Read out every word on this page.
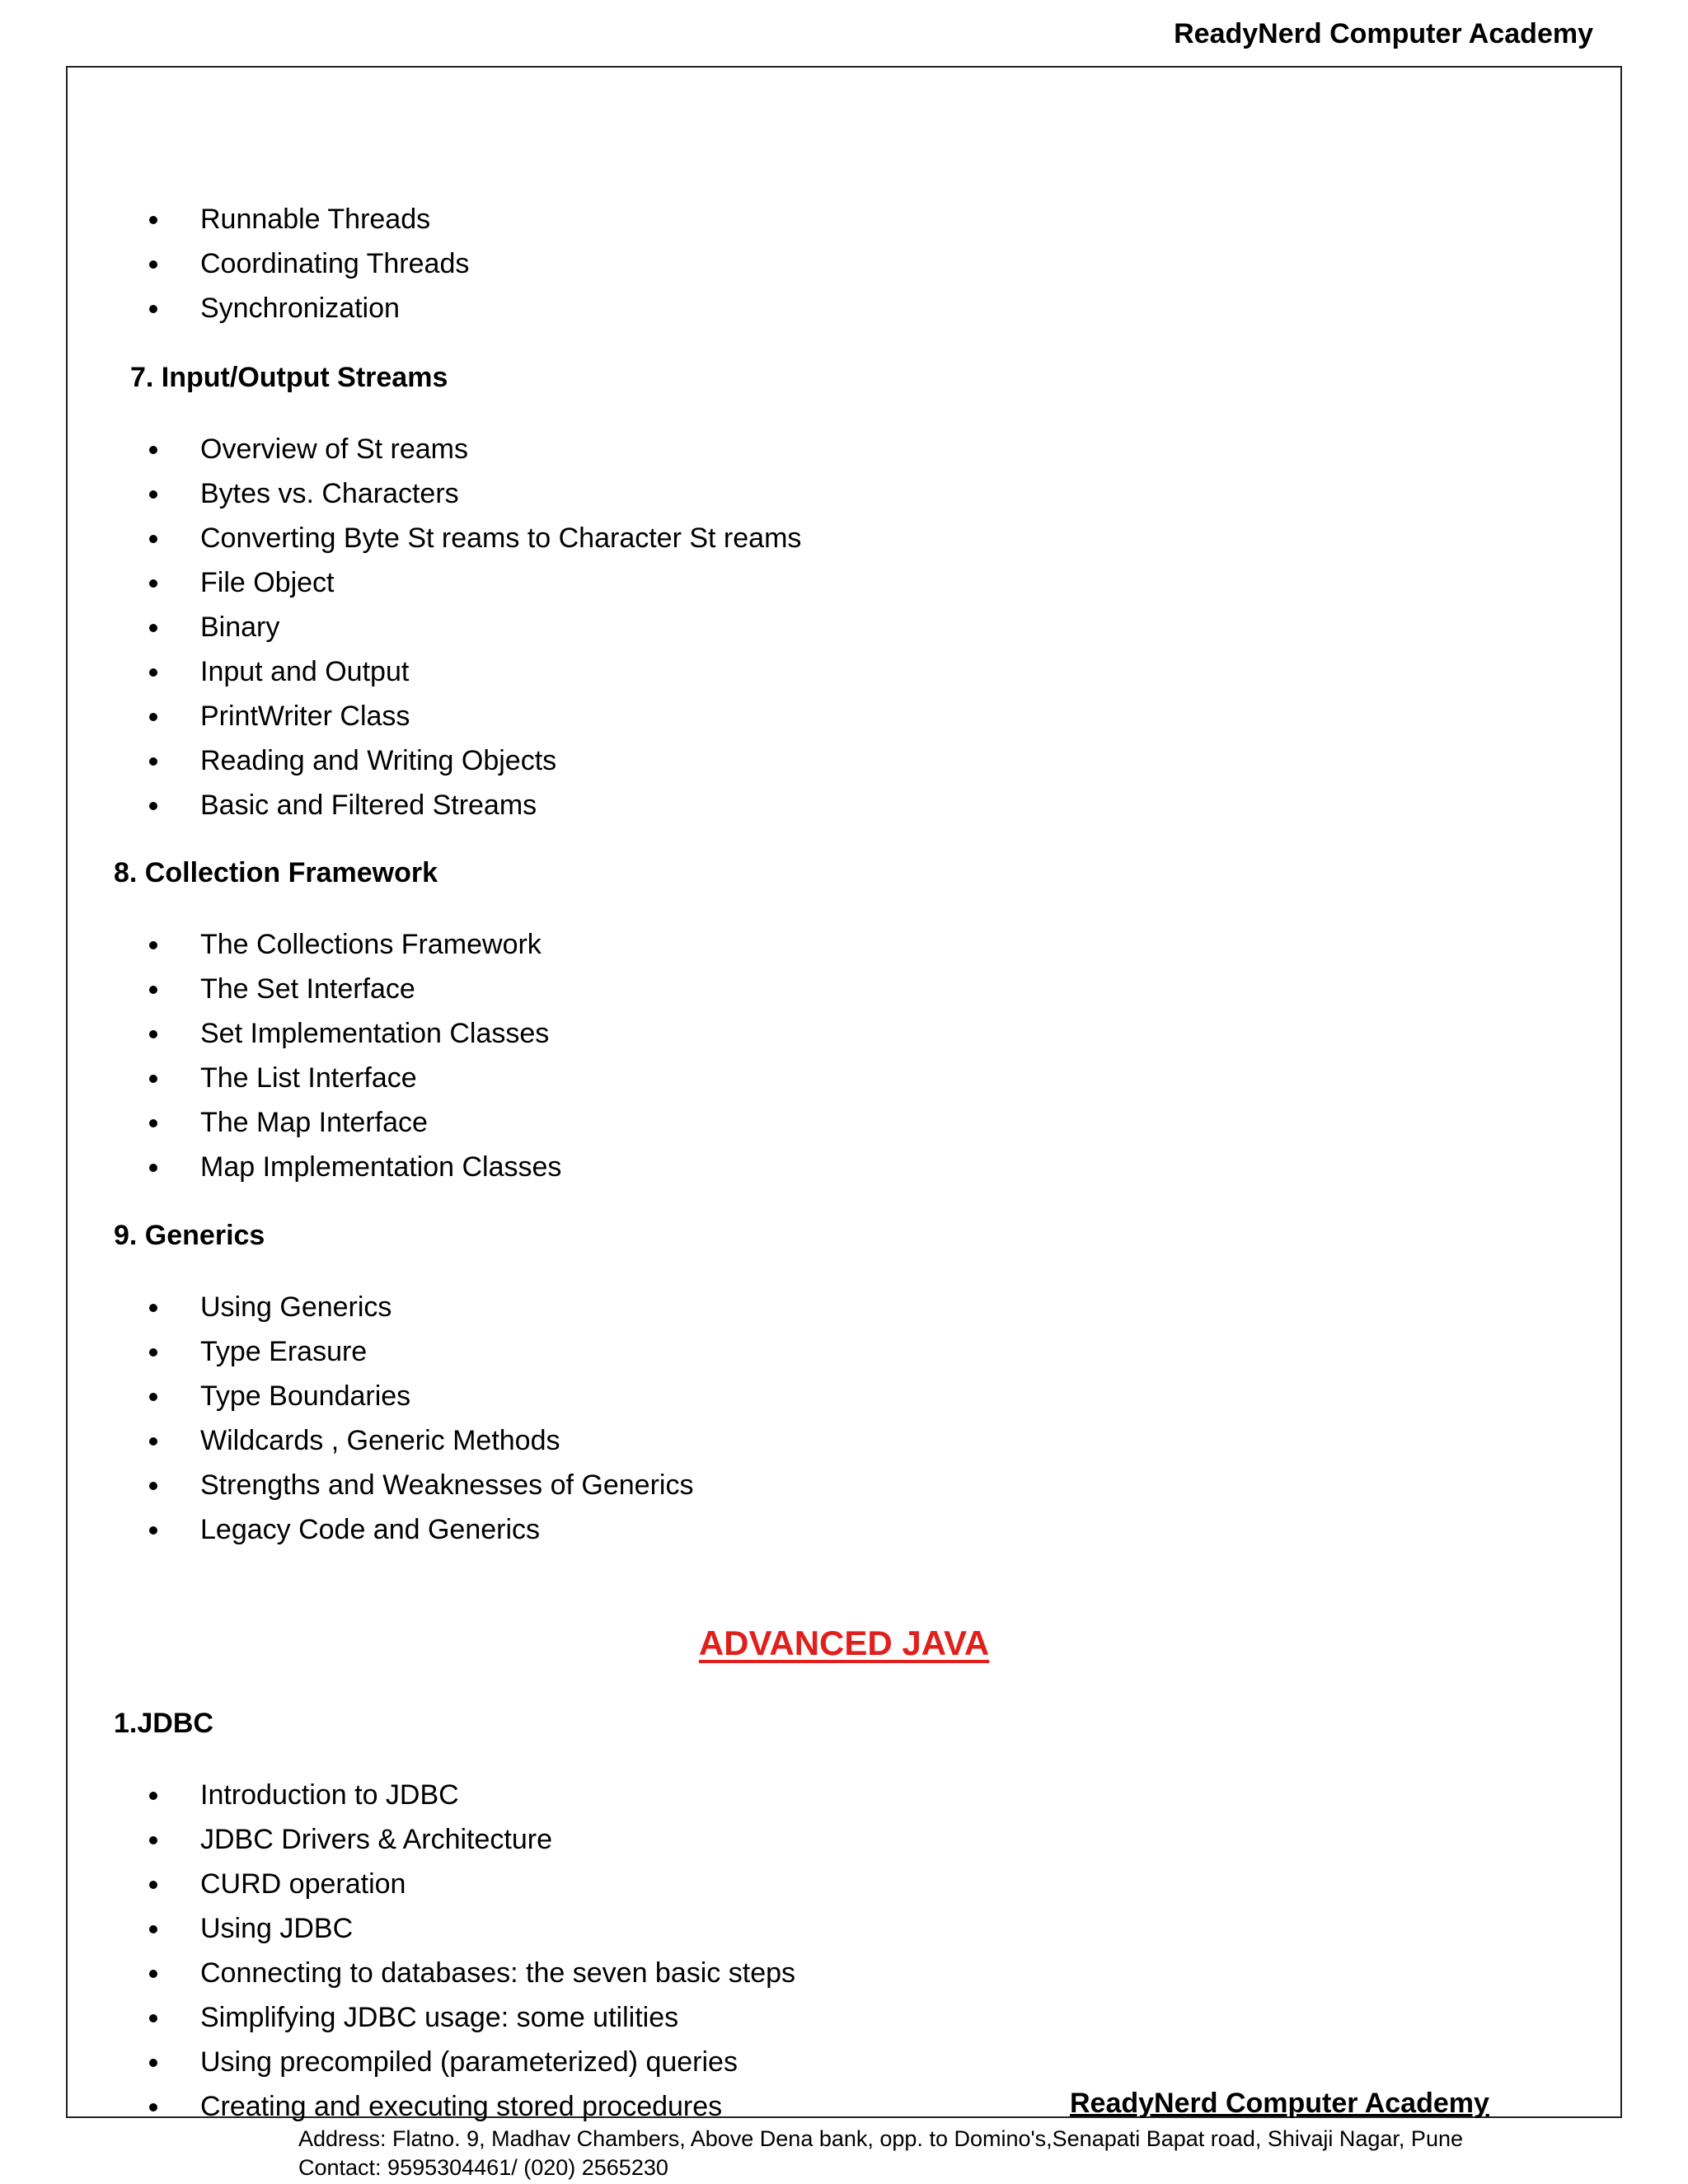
ReadyNerd Computer Academy
Runnable Threads
Coordinating Threads
Synchronization
7. Input/Output Streams
Overview of St reams
Bytes vs. Characters
Converting Byte St reams to Character St reams
File Object
Binary
Input and Output
PrintWriter Class
Reading and Writing Objects
Basic and Filtered Streams
8. Collection Framework
The Collections Framework
The Set Interface
Set Implementation Classes
The List Interface
The Map Interface
Map Implementation Classes
9. Generics
Using Generics
Type Erasure
Type Boundaries
Wildcards , Generic Methods
Strengths and Weaknesses of Generics
Legacy Code and Generics
ADVANCED JAVA
1.JDBC
Introduction to JDBC
JDBC Drivers & Architecture
CURD operation
Using JDBC
Connecting to databases: the seven basic steps
Simplifying JDBC usage: some utilities
Using precompiled (parameterized) queries
Creating and executing stored procedures	ReadyNerd Computer Academy
Address: Flatno. 9, Madhav Chambers, Above Dena bank, opp. to Domino's,Senapati Bapat road, Shivaji Nagar, Pune
Contact: 9595304461/ (020) 2565230
